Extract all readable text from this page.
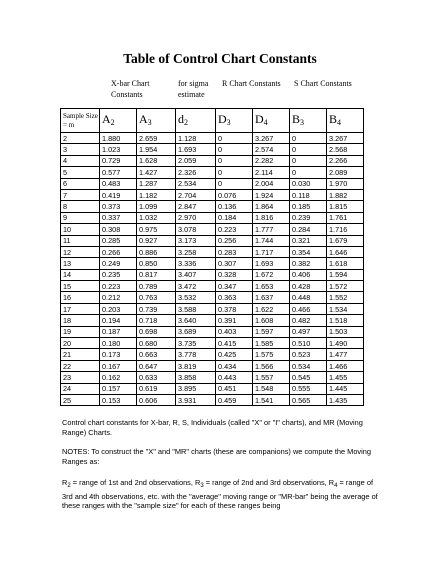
Table of Control Chart Constants
X-bar Chart Constants
for sigma estimate
R Chart Constants S Chart Constants
Sample Size = m	$A_2$	$A_3$	$d_2$	$D_3$	$D_4$	$B_3$	$B_4$
2	1.880	2.659	1.128	0	3.267	0	3.267
3	1.023	1.954	1.693	0	2.574	0	2.568
4	0.729	1.628	2.059	0	2.282	0	2.266
5	0.577	1.427	2.326	0	2.114	0	2.089
6	0.483	1.287	2.534	0	2.004	0.030	1.970
7	0.419	1.182	2.704	0.076	1.924	0.118	1.882
8	0.373	1.099	2.847	0.136	1.864	0.185	1.815
9	0.337	1.032	2.970	0.184	1.816	0.239	1.761
10	0.308	0.975	3.078	0.223	1.777	0.284	1.716
11	0.285	0.927	3.173	0.256	1.744	0.321	1.679
12	0.266	0.886	3.258	0.283	1.717	0.354	1.646
13	0.249	0.850	3.336	0.307	1.693	0.382	1.618
14	0.235	0.817	3.407	0.328	1.672	0.406	1.594
15	0.223	0.789	3.472	0.347	1.653	0.428	1.572
16	0.212	0.763	3.532	0.363	1.637	0.448	1.552
17	0.203	0.739	3.588	0.378	1.622	0.466	1.534
18	0.194	0.718	3.640	0.391	1.608	0.482	1.518
19	0.187	0.698	3.689	0.403	1.597	0.497	1.503
20	0.180	0.680	3.735	0.415	1.585	0.510	1.490
21	0.173	0.663	3.778	0.425	1.575	0.523	1.477
22	0.167	0.647	3.819	0.434	1.566	0.534	1.466
23	0.162	0.633	3.858	0.443	1.557	0.545	1.455
24	0.157	0.619	3.895	0.451	1.548	0.555	1.445
25	0.153	0.606	3.931	0.459	1.541	0.565	1.435
Control chart constants for X-bar, R, S, Individuals (called "X" or "I" charts), and MR (Moving Range) Charts.
NOTES: To construct the "X" and "MR" charts (these are companions) we compute the Moving Ranges as:
$R_2$ = range of 1st and 2nd observations, $R_3$ = range of 2nd and 3rd observations, $R_4$ = range of 3rd and 4th observations, etc. with the "average" moving range or "MR-bar" being the average of these ranges with the "sample size" for each of these ranges being
